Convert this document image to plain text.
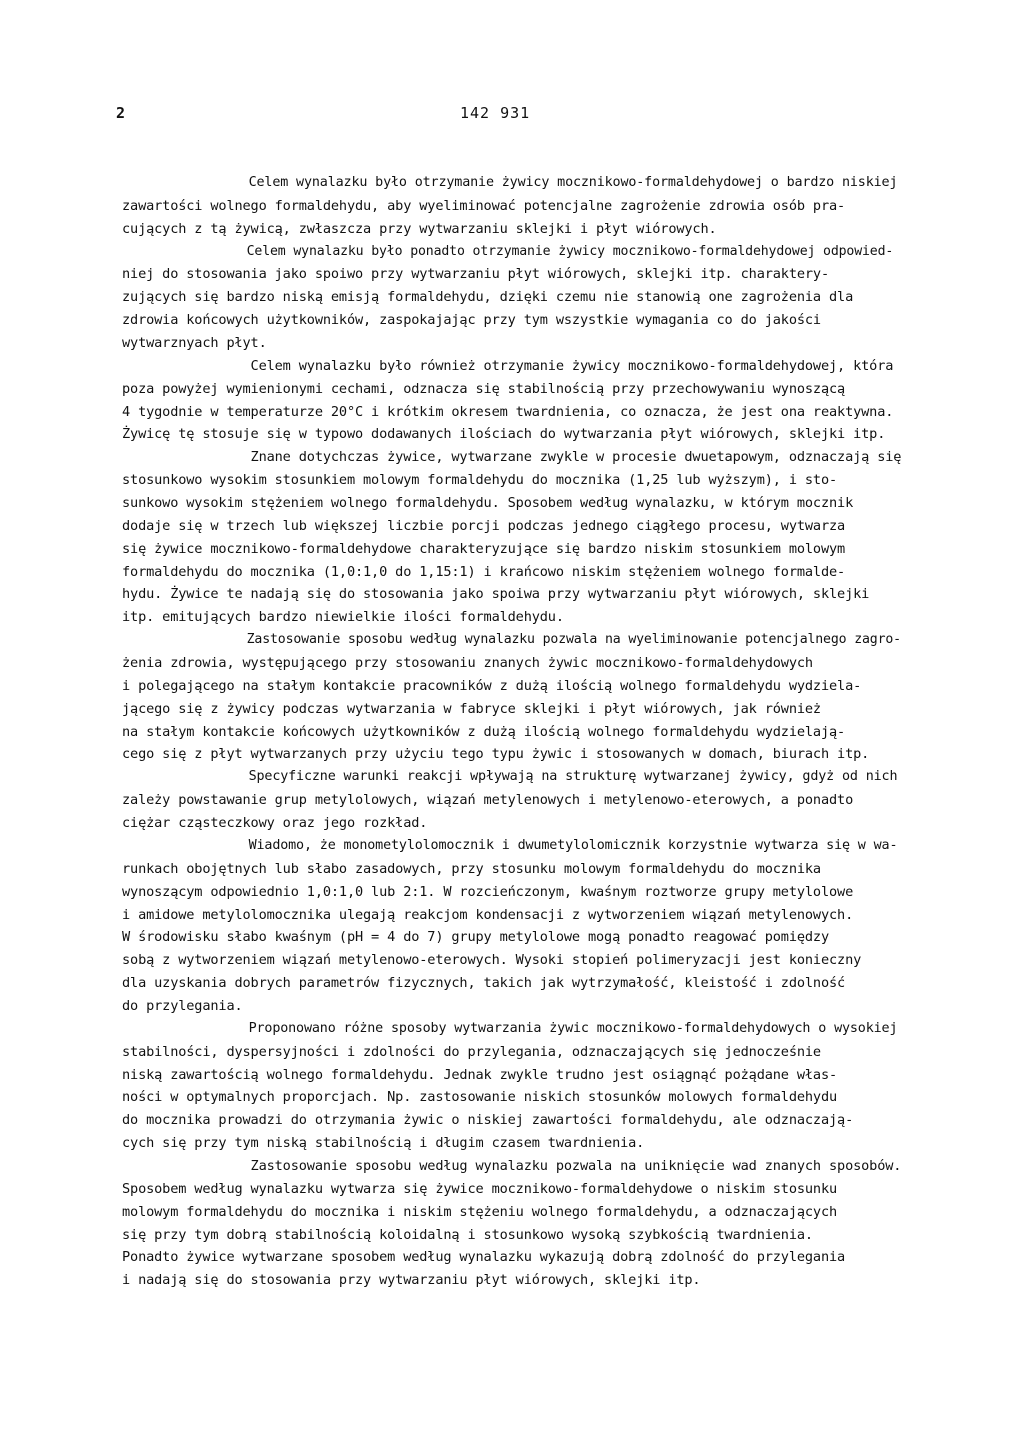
2	142 931
Celem wynalazku było otrzymanie żywicy mocznikowo-formaldehydowej o bardzo niskiej
zawartości wolnego formaldehydu, aby wyeliminować potencjalne zagrożenie zdrowia osób pra-
cujących z tą żywicą, zwłaszcza przy wytwarzaniu sklejki i płyt wiórowych.
Celem wynalazku było ponadto otrzymanie żywicy mocznikowo-formaldehydowej odpowied-
niej do stosowania jako spoiwo przy wytwarzaniu płyt wiórowych, sklejki itp. charaktery-
zujących się bardzo niską emisją formaldehydu, dzięki czemu nie stanowią one zagrożenia dla
zdrowia końcowych użytkowników, zaspokajając przy tym wszystkie wymagania co do jakości
wytwarznyach płyt.
Celem wynalazku było również otrzymanie żywicy mocznikowo-formaldehydowej, która
poza powyżej wymienionymi cechami, odznacza się stabilnością przy przechowywaniu wynoszącą
4 tygodnie w temperaturze 20°C i krótkim okresem twardnienia, co oznacza, że jest ona reaktywna.
Żywicę tę stosuje się w typowo dodawanych ilościach do wytwarzania płyt wiórowych, sklejki itp.
Znane dotychczas żywice, wytwarzane zwykle w procesie dwuetapowym, odznaczają się
stosunkowo wysokim stosunkiem molowym formaldehydu do mocznika (1,25 lub wyższym), i sto-
sunkowo wysokim stężeniem wolnego formaldehydu. Sposobem według wynalazku, w którym mocznik
dodaje się w trzech lub większej liczbie porcji podczas jednego ciągłego procesu, wytwarza
się żywice mocznikowo-formaldehydowe charakteryzujące się bardzo niskim stosunkiem molowym
formaldehydu do mocznika (1,0:1,0 do 1,15:1) i krańcowo niskim stężeniem wolnego formalde-
hydu. Żywice te nadają się do stosowania jako spoiwa przy wytwarzaniu płyt wiórowych, sklejki
itp. emitujących bardzo niewielkie ilości formaldehydu.
Zastosowanie sposobu według wynalazku pozwala na wyeliminowanie potencjalnego zagro-
żenia zdrowia, występującego przy stosowaniu znanych żywic mocznikowo-formaldehydowych
i polegającego na stałym kontakcie pracowników z dużą ilością wolnego formaldehydu wydziela-
jącego się z żywicy podczas wytwarzania w fabryce sklejki i płyt wiórowych, jak również
na stałym kontakcie końcowych użytkowników z dużą ilością wolnego formaldehydu wydzielają-
cego się z płyt wytwarzanych przy użyciu tego typu żywic i stosowanych w domach, biurach itp.
Specyficzne warunki reakcji wpływają na strukturę wytwarzanej żywicy, gdyż od nich
zależy powstawanie grup metylolowych, wiązań metylenowych i metylenowo-eterowych, a ponadto
ciężar cząsteczkowy oraz jego rozkład.
Wiadomo, że monometylolomocznik i dwumetylolomicznik korzystnie wytwarza się w wa-
runkach obojętnych lub słabo zasadowych, przy stosunku molowym formaldehydu do mocznika
wynoszącym odpowiednio 1,0:1,0 lub 2:1. W rozcieńczonym, kwaśnym roztworze grupy metylolowe
i amidowe metylolomocznika ulegają reakcjom kondensacji z wytworzeniem wiązań metylenowych.
W środowisku słabo kwaśnym (pH = 4 do 7) grupy metylolowe mogą ponadto reagować pomiędzy
sobą z wytworzeniem wiązań metylenowo-eterowych. Wysoki stopień polimeryzacji jest konieczny
dla uzyskania dobrych parametrów fizycznych, takich jak wytrzymałość, kleistość i zdolność
do przylegania.
Proponowano różne sposoby wytwarzania żywic mocznikowo-formaldehydowych o wysokiej
stabilności, dyspersyjności i zdolności do przylegania, odznaczających się jednocześnie
niską zawartością wolnego formaldehydu. Jednak zwykle trudno jest osiągnąć pożądane włas-
ności w optymalnych proporcjach. Np. zastosowanie niskich stosunków molowych formaldehydu
do mocznika prowadzi do otrzymania żywic o niskiej zawartości formaldehydu, ale odznaczają-
cych się przy tym niską stabilnością i długim czasem twardnienia.
Zastosowanie sposobu według wynalazku pozwala na uniknięcie wad znanych sposobów.
Sposobem według wynalazku wytwarza się żywice mocznikowo-formaldehydowe o niskim stosunku
molowym formaldehydu do mocznika i niskim stężeniu wolnego formaldehydu, a odznaczających
się przy tym dobrą stabilnością koloidalną i stosunkowo wysoką szybkością twardnienia.
Ponadto żywice wytwarzane sposobem według wynalazku wykazują dobrą zdolność do przylegania
i nadają się do stosowania przy wytwarzaniu płyt wiórowych, sklejki itp.
